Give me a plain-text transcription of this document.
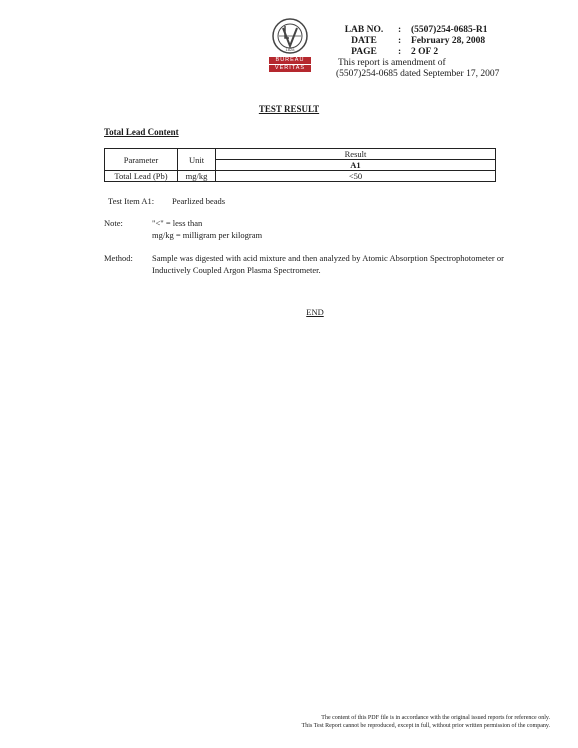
BUREAU
VERITAS
1828
LAB NO.	: (5507)254-0685-R1
DATE	: February 28, 2008
PAGE	: 2 OF 2
This report is amendment of
(5507)254-0685 dated September 17, 2007
TEST RESULT
Total Lead Content
Parameter	Unit	Result
		A1
Total Lead (Pb)	mg/kg	<50
Test Item A1: Pearlized beads
Note:	"<" = less than
mg/kg = milligram per kilogram
Method: Sample was digested with acid mixture and then analyzed by Atomic Absorption Spectrophotometer or Inductively Coupled Argon Plasma Spectrometer.
END
The content of this PDF file is in accordance with the original issued reports for reference only.
This Test Report cannot be reproduced, except in full, without prior written permission of the company.
